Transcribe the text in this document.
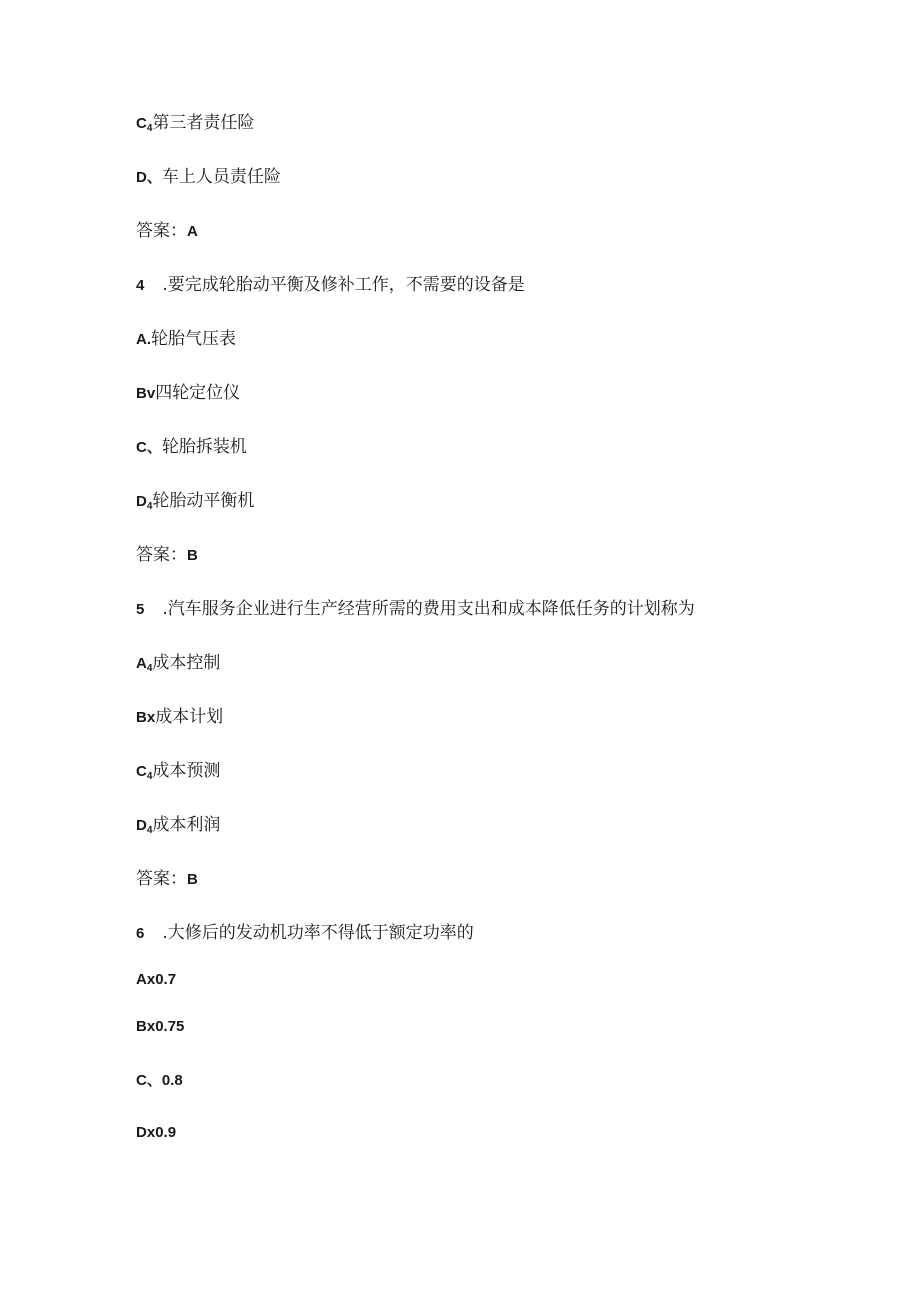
C4第三者责任险
D、车上人员责任险
答案：A
4 .要完成轮胎动平衡及修补工作，不需要的设备是
A.轮胎气压表
Bv四轮定位仪
C、轮胎拆装机
D4轮胎动平衡机
答案：B
5 .汽车服务企业进行生产经营所需的费用支出和成本降低任务的计划称为
A4成本控制
Bx成本计划
C4成本预测
D4成本利润
答案：B
6 .大修后的发动机功率不得低于额定功率的
Ax0.7
Bx0.75
C、0.8
Dx0.9
